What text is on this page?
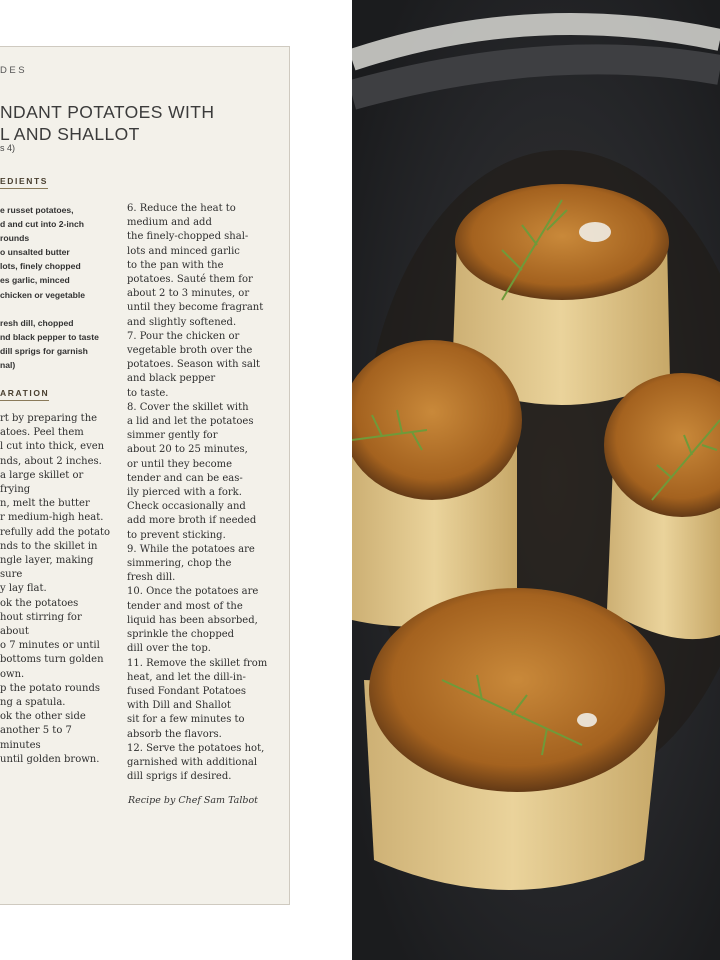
DES
NDANT POTATOES WITH
L AND SHALLOT
s 4)
EDIENTS
e russet potatoes,
d and cut into 2-inch
rounds
o unsalted butter
lots, finely chopped
es garlic, minced
chicken or vegetable

resh dill, chopped
nd black pepper to taste
dill sprigs for garnish
nal)
ARATION
rt by preparing the
atoes. Peel them
l cut into thick, even
nds, about 2 inches.
a large skillet or frying
n, melt the butter
r medium-high heat.
refully add the potato
nds to the skillet in
ngle layer, making sure
y lay flat.
ok the potatoes
hout stirring for about
o 7 minutes or until
bottoms turn golden
own.
p the potato rounds
ng a spatula.
ok the other side
another 5 to 7 minutes
until golden brown.
6. Reduce the heat to
medium and add
the finely-chopped shal-
lots and minced garlic
to the pan with the
potatoes. Sauté them for
about 2 to 3 minutes, or
until they become fragrant
and slightly softened.
7. Pour the chicken or
vegetable broth over the
potatoes. Season with salt
and black pepper
to taste.
8. Cover the skillet with
a lid and let the potatoes
simmer gently for
about 20 to 25 minutes,
or until they become
tender and can be eas-
ily pierced with a fork.
Check occasionally and
add more broth if needed
to prevent sticking.
9. While the potatoes are
simmering, chop the
fresh dill.
10. Once the potatoes are
tender and most of the
liquid has been absorbed,
sprinkle the chopped
dill over the top.
11. Remove the skillet from
heat, and let the dill-in-
fused Fondant Potatoes
with Dill and Shallot
sit for a few minutes to
absorb the flavors.
12. Serve the potatoes hot,
garnished with additional
dill sprigs if desired.
Recipe by Chef Sam Talbot
